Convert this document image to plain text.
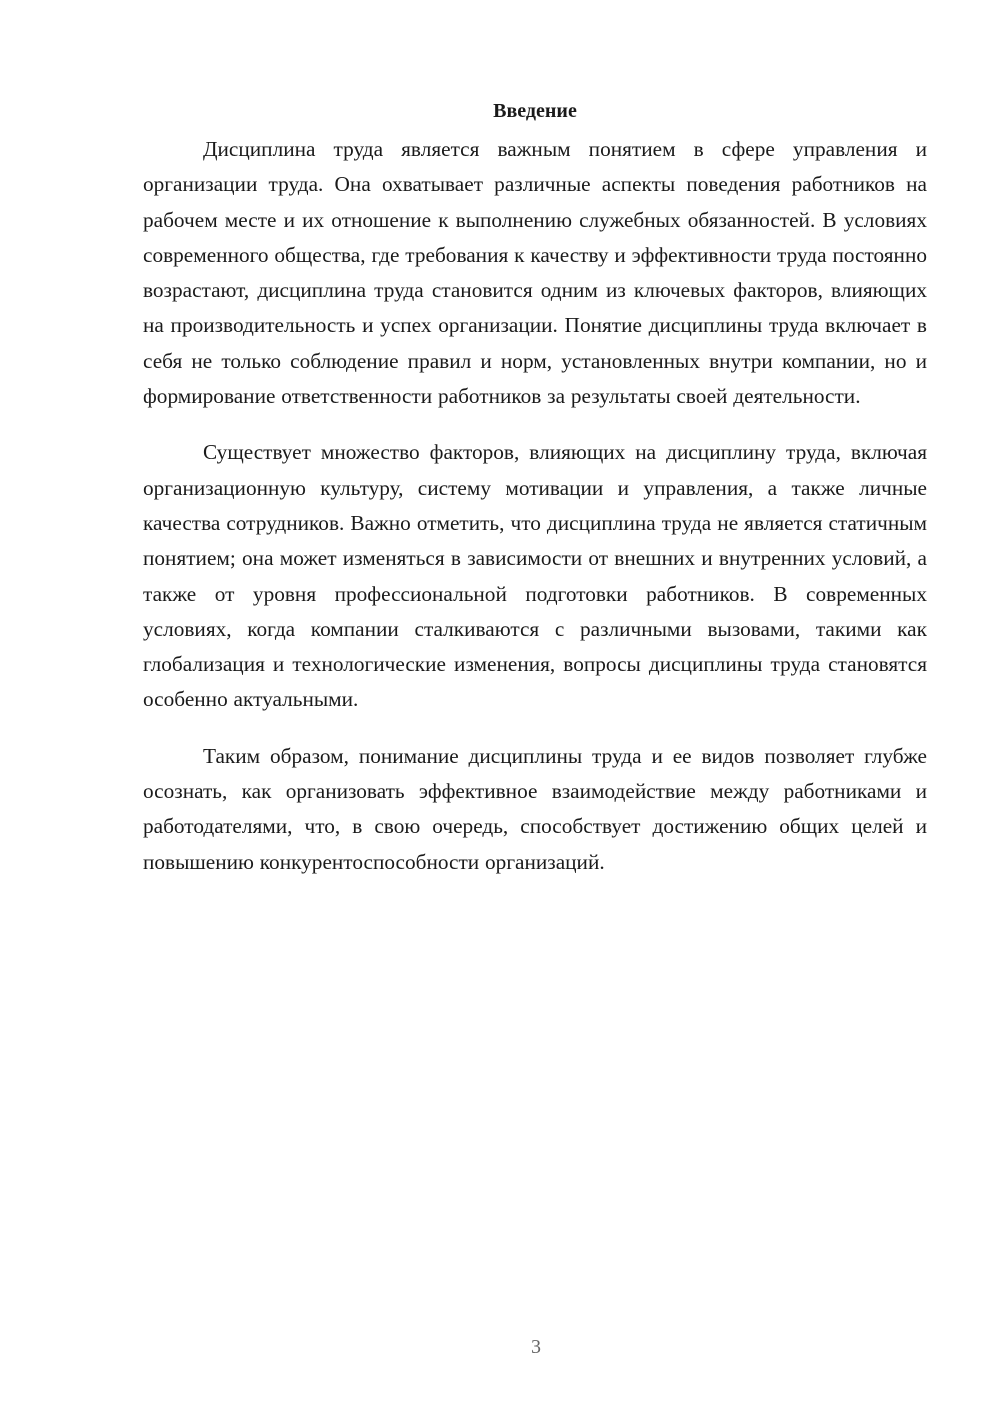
Введение

Дисциплина труда является важным понятием в сфере управления и организации труда. Она охватывает различные аспекты поведения работников на рабочем месте и их отношение к выполнению служебных обязанностей. В условиях современного общества, где требования к качеству и эффективности труда постоянно возрастают, дисциплина труда становится одним из ключевых факторов, влияющих на производительность и успех организации. Понятие дисциплины труда включает в себя не только соблюдение правил и норм, установленных внутри компании, но и формирование ответственности работников за результаты своей деятельности.

Существует множество факторов, влияющих на дисциплину труда, включая организационную культуру, систему мотивации и управления, а также личные качества сотрудников. Важно отметить, что дисциплина труда не является статичным понятием; она может изменяться в зависимости от внешних и внутренних условий, а также от уровня профессиональной подготовки работников. В современных условиях, когда компании сталкиваются с различными вызовами, такими как глобализация и технологические изменения, вопросы дисциплины труда становятся особенно актуальными.

Таким образом, понимание дисциплины труда и ее видов позволяет глубже осознать, как организовать эффективное взаимодействие между работниками и работодателями, что, в свою очередь, способствует достижению общих целей и повышению конкурентоспособности организаций.

3
